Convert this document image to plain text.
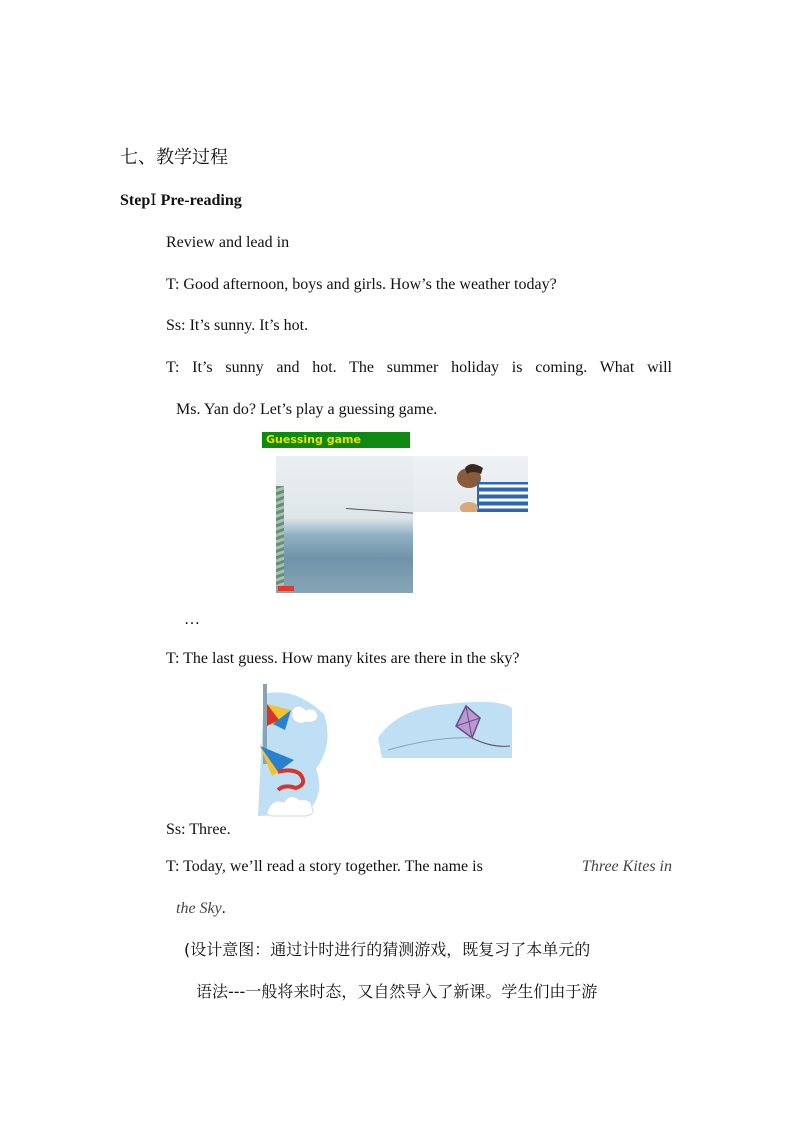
七、教学过程
StepⅠ Pre-reading
Review and lead in
T: Good afternoon, boys and girls. How’s the weather today?
Ss: It’s sunny. It’s hot.
T: It’s sunny and hot. The summer holiday is coming. What will
Ms. Yan do? Let’s play a guessing game.
Guessing game
…
T: The last guess. How many kites are there in the sky?
Ss: Three.
T: Today, we’ll read a story together. The name is	Three Kites in
the Sky.
(设计意图：通过计时进行的猜测游戏，既复习了本单元的
语法---一般将来时态，又自然导入了新课。学生们由于游
